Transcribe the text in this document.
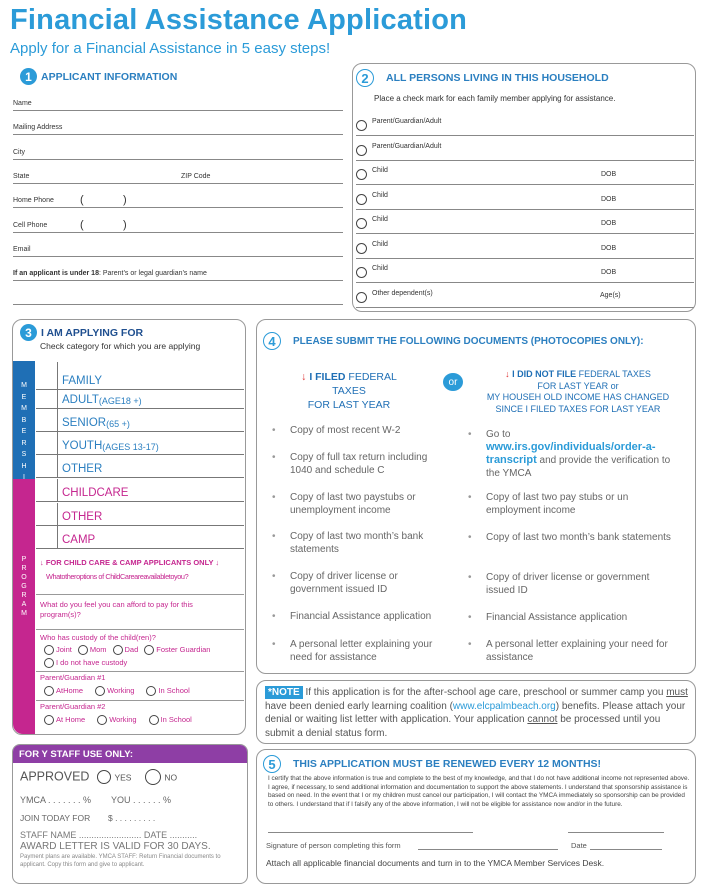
Financial Assistance Application
Apply for a Financial Assistance in 5 easy steps!
1 APPLICANT INFORMATION
Name
Mailing Address
City
State	ZIP Code
Home Phone (	)
Cell Phone	(	)
Email
If an applicant is under 18: Parent’s or legal guardian’s name
2	ALL PERSONS LIVING IN THIS HOUSEHOLD
Place a check mark for each family member applying for assistance.
Parent/Guardian/Adult
Parent/Guardian/Adult
Child
DOB
Child
DOB
Child
DOB
Child
DOB
Child
DOB
Other dependent(s)	Age(s)
3 I AM APPLYING FOR
Check category for which you are applying
M
E
M
B
E
R
S
H
I
P
R
O
G
R
A
M
FAMILY
ADULT (AGE18 +)
SENIOR (65 +)
YOUTH (AGES 13-17)
OTHER
CHILDCARE
OTHER
CAMP
↓ FOR CHILD CARE & CAMP APPLICANTS ONLY ↓
Whatotheroptions of ChildCareareavailabletoyou?
What do you feel you can afford to pay for this program(s)?
Who has custody of the child(ren)?
Joint Mom Dad Foster Guardian
I do not have custody
Parent/Guardian #1
AtHome	Working	In School
Parent/Guardian #2
At Home	Working	In School
FOR Y STAFF USE ONLY:
APPROVED	YES	NO
YMCA . . . . . . . % YOU . . . . . . %
JOIN TODAY FOR $ . . . . . . . . .
STAFF NAME ......................... DATE ...........
AWARD LETTER IS VALID FOR 30 DAYS.
Payment plans are available. YMCA STAFF: Return Financial documents to applicant. Copy this form and give to applicant.
4	PLEASE SUBMIT THE FOLLOWING DOCUMENTS (PHOTOCOPIES ONLY):
↓ I FILED FEDERAL TAXES
FOR LAST YEAR
or
↓ I DID NOT FILE FEDERAL TAXES
FOR LAST YEAR or
MY HOUSEH OLD INCOME HAS CHANGED
SINCE I FILED TAXES FOR LAST YEAR
• Copy of most recent W-2
• Copy of full tax return including 1040 and schedule C
• Copy of last two paystubs or unemployment income
• Copy of last two month’s bank statements
• Copy of driver license or government issued ID
• Financial Assistance application
• A personal letter explaining your need for assistance
• Go to
www.irs.gov/individuals/order-a-transcript and provide the verification to the YMCA
• Copy of last two pay stubs or un employment income
• Copy of last two month’s bank statements
• Copy of driver license or government issued ID
• Financial Assistance application
• A personal letter explaining your need for assistance
*NOTE If this application is for the after-school age care, preschool or summer camp you must have been denied early learning coalition (www.elcpalmbeach.org) benefits. Please attach your denial or waiting list letter with application. Your application cannot be processed until you submit a denial status form.
5	THIS APPLICATION MUST BE RENEWED EVERY 12 MONTHS!
I certify that the above information is true and complete to the best of my knowledge, and that I do not have additional income not represented above. I agree, if necessary, to send additional information and documentation to support the above statements. I understand that sponsorship assistance is based on need. In the event that I or my children must cancel our participation, I will contact the YMCA immediately so sponsorship can be provided to others. I understand that if I falsify any of the above information, I will not be eligible for assistance now and/or in the future.
Signature of person completing this form	Date
Attach all applicable financial documents and turn in to the YMCA Member Services Desk.
